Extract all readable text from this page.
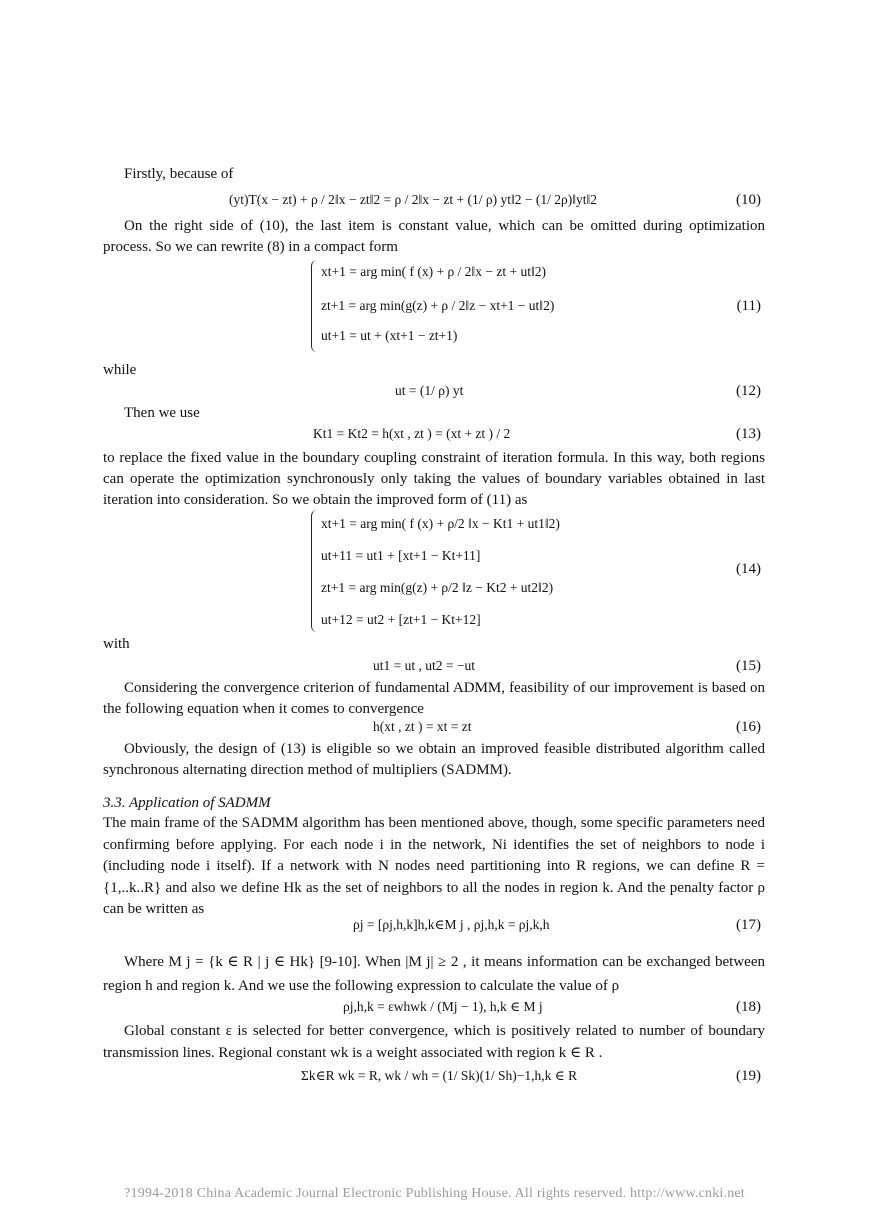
Firstly, because of
(yt)T(x − zt) + ρ / 2‖x − zt‖2 = ρ / 2‖x − zt + (1/ ρ) yt‖2 − (1/ 2ρ)‖yt‖2	(10)
On the right side of (10), the last item is constant value, which can be omitted during optimization process. So we can rewrite (8) in a compact form
xt+1 = arg min( f (x) + ρ / 2‖x − zt + ut‖2)
zt+1 = arg min(g(z) + ρ / 2‖z − xt+1 − ut‖2)
ut+1 = ut + (xt+1 − zt+1)
(11)
while
ut = (1/ ρ) yt	(12)
Then we use
Kt1 = Kt2 = h(xt , zt ) = (xt + zt ) / 2	(13)
to replace the fixed value in the boundary coupling constraint of iteration formula. In this way, both regions can operate the optimization synchronously only taking the values of boundary variables obtained in last iteration into consideration. So we obtain the improved form of (11) as
xt+1 = arg min( f (x) + ρ/2 ‖x − Kt1 + ut1‖2)
ut+11 = ut1 + [xt+1 − Kt+11]
zt+1 = arg min(g(z) + ρ/2 ‖z − Kt2 + ut2‖2)
ut+12 = ut2 + [zt+1 − Kt+12]
(14)
with
ut1 = ut , ut2 = −ut	(15)
Considering the convergence criterion of fundamental ADMM, feasibility of our improvement is based on the following equation when it comes to convergence
h(xt , zt ) = xt = zt	(16)
Obviously, the design of (13) is eligible so we obtain an improved feasible distributed algorithm called synchronous alternating direction method of multipliers (SADMM).
3.3. Application of SADMM
The main frame of the SADMM algorithm has been mentioned above, though, some specific parameters need confirming before applying. For each node i in the network, Ni identifies the set of neighbors to node i (including node i itself). If a network with N nodes need partitioning into R regions, we can define R = {1,..k..R} and also we define Hk as the set of neighbors to all the nodes in region k. And the penalty factor ρ can be written as
ρj = [ρj,h,k]h,k∈M j , ρj,h,k = ρj,k,h	(17)
Where M j = {k ∈ R | j ∈ Hk} [9-10]. When |M j| ≥ 2 , it means information can be exchanged between region h and region k. And we use the following expression to calculate the value of ρ
ρj,h,k = εwhwk / (Mj − 1), h,k ∈ M j	(18)
Global constant ε is selected for better convergence, which is positively related to number of boundary transmission lines. Regional constant wk is a weight associated with region k ∈ R .
Σk∈R wk = R, wk / wh = (1/ Sk)(1/ Sh)−1,h,k ∈ R	(19)
?1994-2018 China Academic Journal Electronic Publishing House. All rights reserved. http://www.cnki.net
